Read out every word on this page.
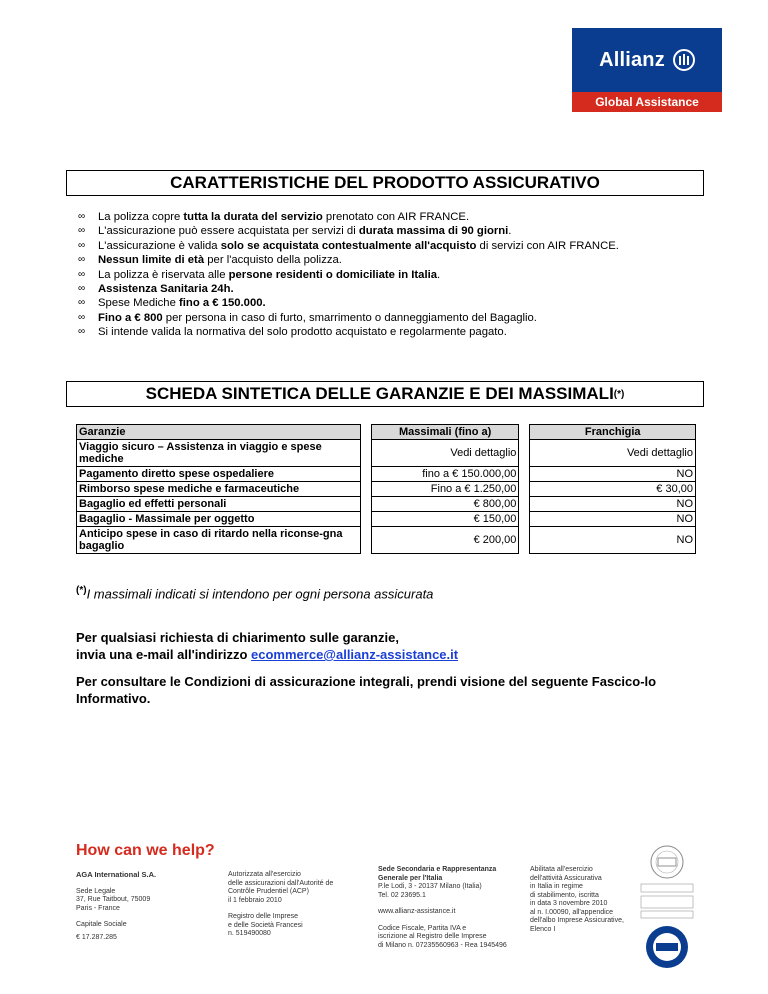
Allianz
Global Assistance
CARATTERISTICHE DEL PRODOTTO ASSICURATIVO
∞	La polizza copre tutta la durata del servizio prenotato con AIR FRANCE.
∞	L'assicurazione può essere acquistata per servizi di durata massima di 90 giorni.
∞	L'assicurazione è valida solo se acquistata contestualmente all'acquisto di servizi con AIR FRANCE.
∞	Nessun limite di età per l'acquisto della polizza.
∞	La polizza è riservata alle persone residenti o domiciliate in Italia.
∞	Assistenza Sanitaria 24h.
∞	Spese Mediche fino a € 150.000.
∞	Fino a € 800 per persona in caso di furto, smarrimento o danneggiamento del Bagaglio.
∞	Si intende valida la normativa del solo prodotto acquistato e regolarmente pagato.
SCHEDA SINTETICA DELLE GARANZIE E DEI MASSIMALI (*)
Garanzie		Massimali (fino a)		Franchigia
Viaggio sicuro – Assistenza in viaggio e spese mediche		Vedi dettaglio		Vedi dettaglio
Pagamento diretto spese ospedaliere		fino a € 150.000,00		NO
Rimborso spese mediche e farmaceutiche		Fino a € 1.250,00		€ 30,00
Bagaglio ed effetti personali		€ 800,00		NO
Bagaglio - Massimale per oggetto		€ 150,00		NO
Anticipo spese in caso di ritardo nella riconse-gna bagaglio		€ 200,00		NO
(*)I massimali indicati si intendono per ogni persona assicurata
Per qualsiasi richiesta di chiarimento sulle garanzie,
invia una e-mail all'indirizzo ecommerce@allianz-assistance.it
Per consultare le Condizioni di assicurazione integrali, prendi visione del seguente Fascico-lo Informativo.
How can we help?
AGA International S.A.
Sede Legale
37, Rue Taitbout, 75009
Paris - France
Capitale Sociale
€ 17.287.285
Autorizzata all'esercizio
delle assicurazioni dall'Autorité de
Contrôle Prudentiel (ACP)
il 1 febbraio 2010
Registro delle Imprese
e delle Società Francesi
n. 519490080
Sede Secondaria e Rappresentanza
Generale per l'Italia
P.le Lodi, 3 - 20137 Milano (Italia)
Tel. 02 23695.1
www.allianz-assistance.it
Codice Fiscale, Partita IVA e
iscrizione al Registro delle Imprese
di Milano n. 07235560963 - Rea 1945496
Abilitata all'esercizio
dell'attività Assicurativa
in Italia in regime
di stabilimento, iscritta
in data 3 novembre 2010
al n. I.00090, all'appendice
dell'albo Imprese Assicurative,
Elenco I
